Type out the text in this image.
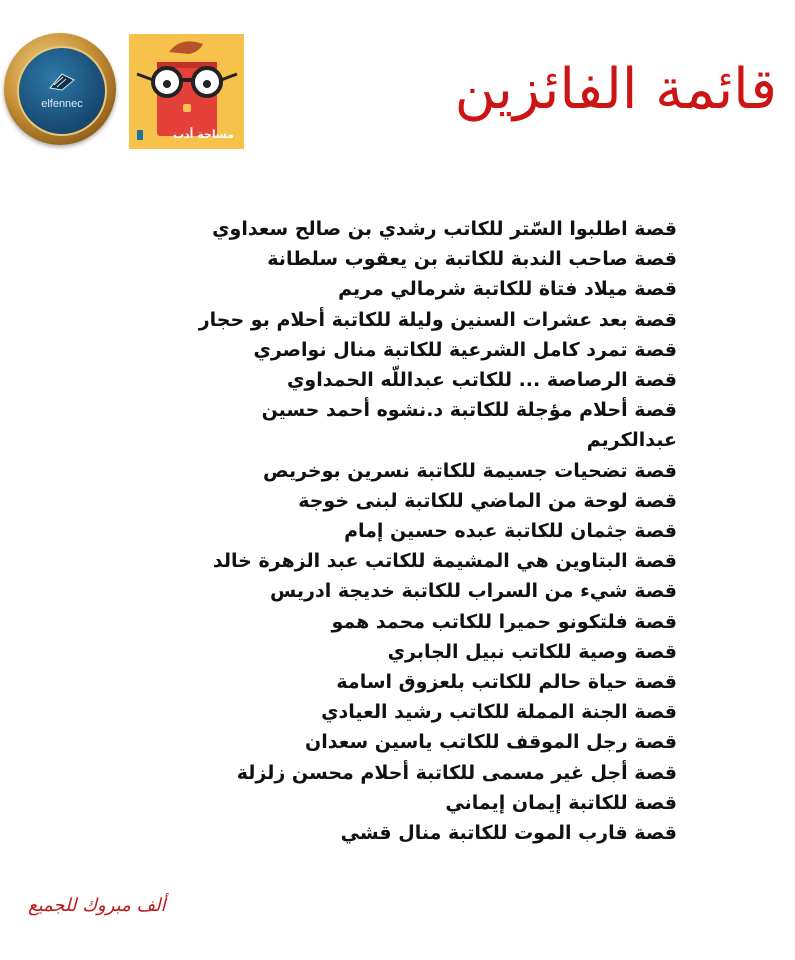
elfennec
مساحة أدب
قائمة الفائزين
قصة اطلبوا السّتر للكاتب رشدي بن صالح سعداوي
قصة صاحب الندبة للكاتبة بن يعقوب سلطانة
قصة ميلاد فتاة للكاتبة شرمالي مريم
قصة بعد عشرات السنين وليلة للكاتبة أحلام بو حجار
قصة تمرد كامل الشرعية للكاتبة منال نواصري
قصة الرصاصة ... للكاتب عبداللّه الحمداوي
قصة أحلام مؤجلة للكاتبة د.نشوه أحمد حسين
عبدالكريم
قصة تضحيات جسيمة للكاتبة نسرين بوخريص
قصة لوحة من الماضي للكاتبة لبنى خوجة
قصة جثمان للكاتبة عبده حسين إمام
قصة البتاوين هي المشيمة للكاتب عبد الزهرة خالد
قصة شيء من السراب للكاتبة خديجة ادريس
قصة فلتكونو حميرا للكاتب محمد همو
قصة وصية للكاتب نبيل الجابري
قصة حياة حالم للكاتب بلعزوق اسامة
قصة الجنة المملة للكاتب رشيد العيادي
قصة رجل الموقف للكاتب ياسين سعدان
قصة أجل غير مسمى للكاتبة أحلام محسن زلزلة
قصة للكاتبة إيمان إيماني
قصة قارب الموت للكاتبة منال قشي
ألف مبروك للجميع
